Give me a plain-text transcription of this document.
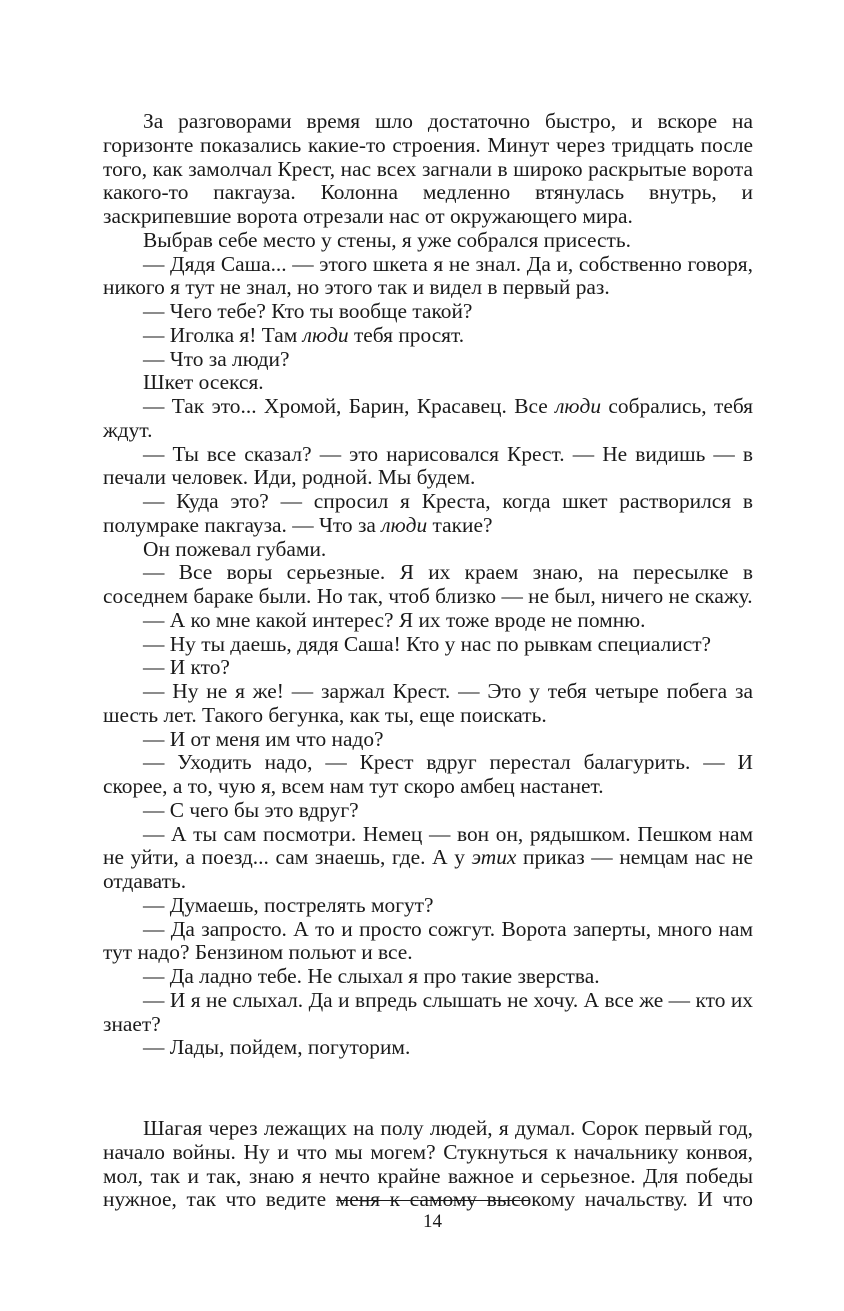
За разговорами время шло достаточно быстро, и вскоре на горизонте показались какие-то строения. Минут через тридцать после того, как замолчал Крест, нас всех загнали в широко раскрытые ворота какого-то пакгауза. Колонна медленно втянулась внутрь, и заскрипевшие ворота отрезали нас от окружающего мира.

Выбрав себе место у стены, я уже собрался присесть.

— Дядя Саша... — этого шкета я не знал. Да и, собственно говоря, никого я тут не знал, но этого так и видел в первый раз.

— Чего тебе? Кто ты вообще такой?

— Иголка я! Там люди тебя просят.

— Что за люди?

Шкет осекся.

— Так это... Хромой, Барин, Красавец. Все люди собрались, тебя ждут.

— Ты все сказал? — это нарисовался Крест. — Не видишь — в печали человек. Иди, родной. Мы будем.

— Куда это? — спросил я Креста, когда шкет растворился в полумраке пакгауза. — Что за люди такие?

Он пожевал губами.

— Все воры серьезные. Я их краем знаю, на пересылке в соседнем бараке были. Но так, чтоб близко — не был, ничего не скажу.

— А ко мне какой интерес? Я их тоже вроде не помню.

— Ну ты даешь, дядя Саша! Кто у нас по рывкам специалист?

— И кто?

— Ну не я же! — заржал Крест. — Это у тебя четыре побега за шесть лет. Такого бегунка, как ты, еще поискать.

— И от меня им что надо?

— Уходить надо, — Крест вдруг перестал балагурить. — И скорее, а то, чую я, всем нам тут скоро амбец настанет.

— С чего бы это вдруг?

— А ты сам посмотри. Немец — вон он, рядышком. Пешком нам не уйти, а поезд... сам знаешь, где. А у этих приказ — немцам нас не отдавать.

— Думаешь, пострелять могут?

— Да запросто. А то и просто сожгут. Ворота заперты, много нам тут надо? Бензином польют и все.

— Да ладно тебе. Не слыхал я про такие зверства.

— И я не слыхал. Да и впредь слышать не хочу. А все же — кто их знает?

— Лады, пойдем, погуторим.

Шагая через лежащих на полу людей, я думал. Сорок первый год, начало войны. Ну и что мы могем? Стукнуться к начальнику конвоя, мол, так и так, знаю я нечто крайне важное и серьезное. Для победы нужное, так что ведите меня к самому высокому начальству. И что

14
